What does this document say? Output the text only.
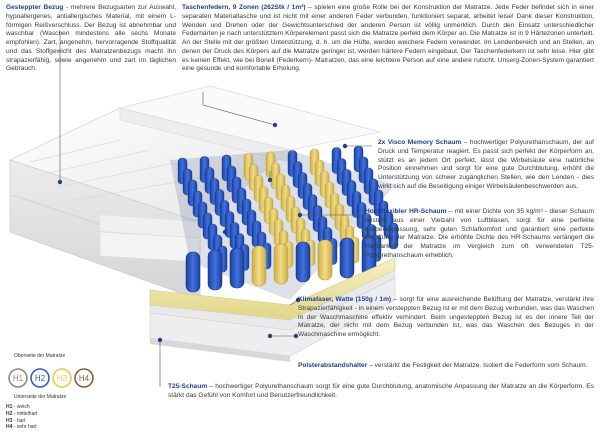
H1 H2 H3 H4
Gesteppter Bezug - mehrere Bezugsarten zur Auswahl, hypoallergenes, antiallergisches Material, mit einem L-förmigen Reißverschluss. Der Bezug ist abnehmbar und waschbar (Waschen mindestens alle sechs Monate empfohlen). Zart, angenehm, hervorragende Stoffqualität und das Stoffgewicht des Matratzenbezugs macht ihn strapazierfähig, sowie angenehm und zart im täglichen Gebrauch.
Taschenfedern, 9 Zonen (262Stk / 1m²) – spielen eine große Rolle bei der Konstruktion der Matratze. Jede Feder befindet sich in einer separaten Materialtasche und ist nicht mit einer anderen Feder verbunden, funktioniert separat, arbeitet leise! Dank dieser Konstruktion, Wenden und Drehen oder der Gewichtsunterschied der anderen Person ist völlig unmerklich. Durch den Einsatz unterschiedlicher Federhärten je nach unterstütztem Körperelement passt sich die Matratze perfekt dem Körper an. Die Matratze ist in 9 Härtezonen unterteilt. An der Stelle mit der größten Unterstützung, d. h. um die Hüfte, werden weichere Federn verwendet. Im Lendenbereich und an Stellen, an denen der Druck des Körpers auf die Matratze geringer ist, werden härtere Federn eingebaut. Der Taschenfederkern ist sehr leise. Hier gibt es keinen Effekt, wie bei Bonell (Federkern)- Matratzen, das eine leichtere Person auf eine andere rutscht. Unserg-Zonen-System garantiert eine gesunde und komfortable Erholung.
2x Visco Memory Schaum – hochwertiger Polyurethanschaum, der auf Druck und Temperatur reagiert. Es passt sich perfekt der Körperform an, stützt es an jedem Ort perfekt, lässt die Wirbelsäule eine natürliche Position einnehmen und sorgt für eine gute Durchblutung, erhöht die Unterstützung von schwer zugänglichen Stellen, wie den Lenden - dies wirkt sich auf die Beseitigung einiger Wirbelsäulenbeschwerden aus.
Hochflexibler HR-Schaum – mit einer Dichte von 35 kg/m³ - dieser Schaum besteht aus einer Vielzahl von Luftblasen, sorgt für eine perfekte Körperanpassung, sehr guten Schlafkomfort und garantiert eine perfekte Belüftung der Matratze. Die erhöhte Dichte des HR-Schaums verlängert die Haltbarkeit der Matratze im Vergleich zum oft verwendeten T25-Polyurethanschaum erheblich.
Klimafaser, Watte (150g / 1m) – sorgt für eine ausreichende Belüftung der Matratze, verstärkt ihre Strapazierfähigkeit - in einem versteppten Bezug ist er mit dem Bezug verbunden, was das Waschen in der Waschmaschine effektiv verhindert. Beim ungesteppten Bezug ist es der innere Teil der Matratze, der nicht mit dem Bezug verbunden ist, was das Waschen des Bezuges in der Waschmaschine ermöglicht.
Polsterabstandshalter – verstärkt die Festigkeit der Matratze. Isoliert die Federform vom Schaum.
T25-Schaum – hochwertiger Polyurethanschaum sorgt für eine gute Durchblutung, anatomische Anpassung der Matratze an die Körperform. Es stärkt das Gefühl von Komfort und Benutzerfreundlichkeit.
Oberseite der Matratze
Unterseite der Matratze
H1 - weich
H2 - mittelhart
H3 - hart
H4 - sehr hart
